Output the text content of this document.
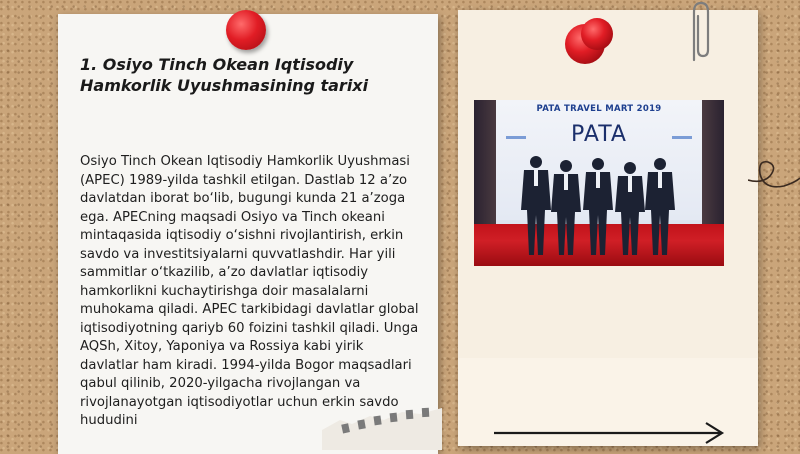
1. Osiyo Tinch Okean Iqtisodiy Hamkorlik Uyushmasining tarixi

Osiyo Tinch Okean Iqtisodiy Hamkorlik Uyushmasi (APEC) 1989-yilda tashkil etilgan. Dastlab 12 a’zo davlatdan iborat bo‘lib, bugungi kunda 21 a’zoga ega. APECning maqsadi Osiyo va Tinch okeani mintaqasida iqtisodiy o‘sishni rivojlantirish, erkin savdo va investitsiyalarni quvvatlashdir. Har yili sammitlar o‘tkazilib, a’zo davlatlar iqtisodiy hamkorlikni kuchaytirishga doir masalalarni muhokama qiladi. APEC tarkibidagi davlatlar global iqtisodiyotning qariyb 60 foizini tashkil qiladi. Unga AQSh, Xitoy, Yaponiya va Rossiya kabi yirik davlatlar ham kiradi. 1994-yilda Bogor maqsadlari qabul qilinib, 2020-yilgacha rivojlangan va rivojlanayotgan iqtisodiyotlar uchun erkin savdo hududini

PATA TRAVEL MART 2019
PATA
